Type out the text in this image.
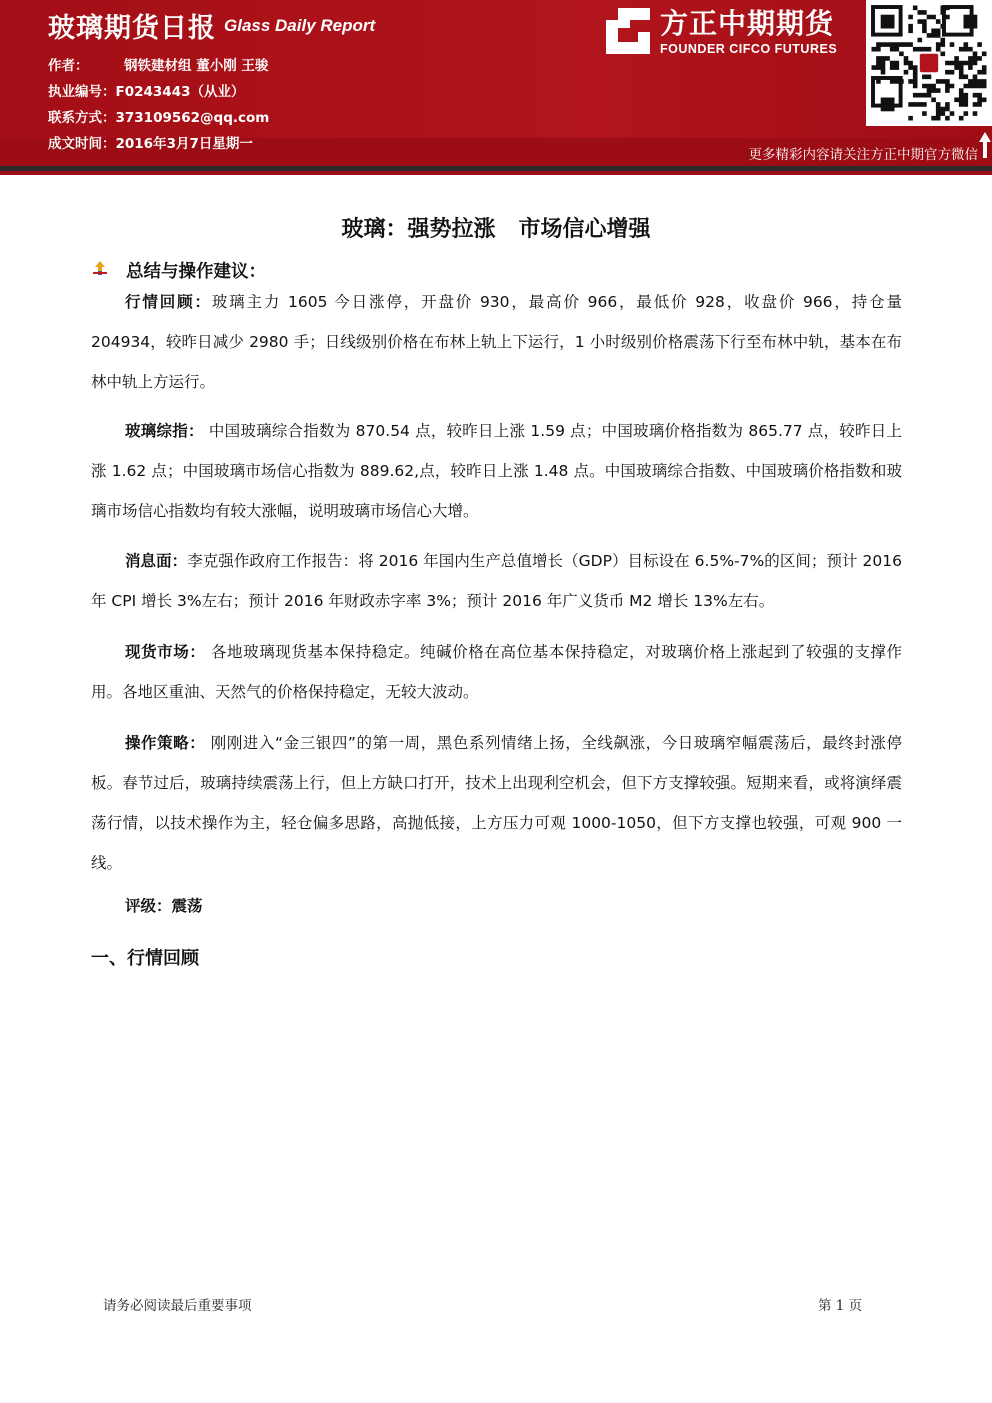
玻璃期货日报 Glass Daily Report
作者：	钢铁建材组 董小刚 王骏
执业编号：F0243443（从业）
联系方式：373109562@qq.com
成文时间：2016年3月7日星期一
方正中期期货
FOUNDER CIFCO FUTURES
更多精彩内容请关注方正中期官方微信
玻璃：强势拉涨   市场信心增强
总结与操作建议：
行情回顾：玻璃主力 1605 今日涨停，开盘价 930，最高价 966，最低价 928，收盘价 966，持仓量 204934，较昨日减少 2980 手；日线级别价格在布林上轨上下运行，1 小时级别价格震荡下行至布林中轨，基本在布林中轨上方运行。
玻璃综指： 中国玻璃综合指数为 870.54 点，较昨日上涨 1.59 点；中国玻璃价格指数为 865.77 点，较昨日上涨 1.62 点；中国玻璃市场信心指数为 889.62,点，较昨日上涨 1.48 点。中国玻璃综合指数、中国玻璃价格指数和玻璃市场信心指数均有较大涨幅，说明玻璃市场信心大增。
消息面：李克强作政府工作报告：将 2016 年国内生产总值增长（GDP）目标设在 6.5%-7%的区间；预计 2016 年 CPI 增长 3%左右；预计 2016 年财政赤字率 3%；预计 2016 年广义货币 M2 增长 13%左右。
现货市场： 各地玻璃现货基本保持稳定。纯碱价格在高位基本保持稳定，对玻璃价格上涨起到了较强的支撑作用。各地区重油、天然气的价格保持稳定，无较大波动。
操作策略： 刚刚进入“金三银四”的第一周，黑色系列情绪上扬，全线飙涨，今日玻璃窄幅震荡后，最终封涨停板。春节过后，玻璃持续震荡上行，但上方缺口打开，技术上出现利空机会，但下方支撑较强。短期来看，或将演绎震荡行情，以技术操作为主，轻仓偏多思路，高抛低接，上方压力可观 1000-1050，但下方支撑也较强，可观 900 一线。
评级：震荡
一、行情回顾
请务必阅读最后重要事项	第 1 页
